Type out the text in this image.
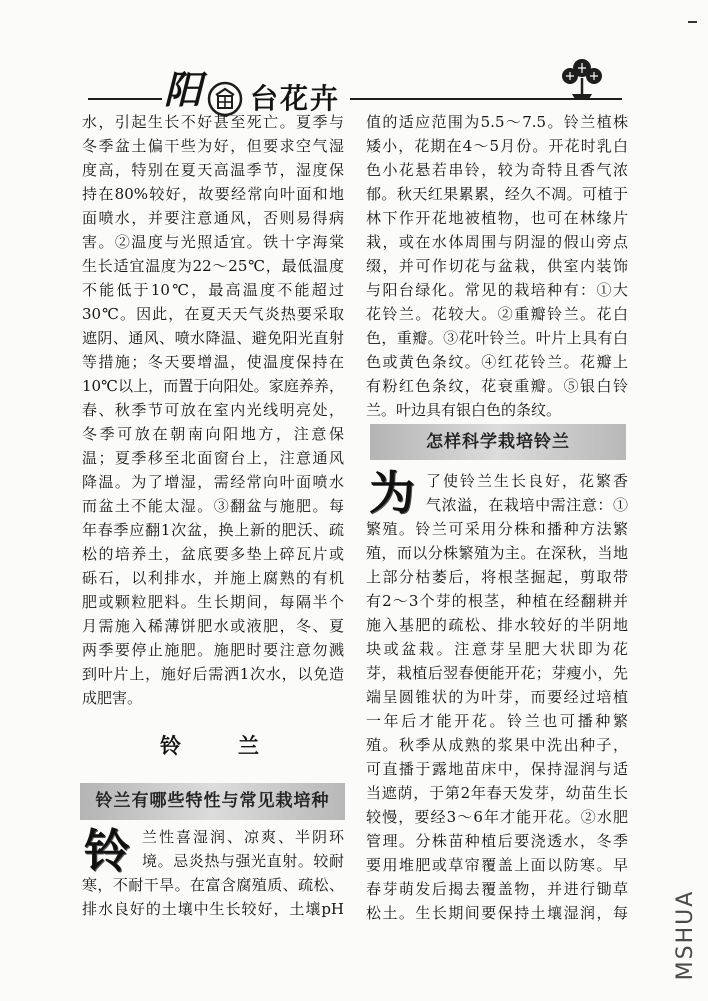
阳 台花卉
水，引起生长不好甚至死亡。夏季与
冬季盆土偏干些为好，但要求空气湿
度高，特别在夏天高温季节，湿度保
持在80%较好，故要经常向叶面和地
面喷水，并要注意通风，否则易得病
害。②温度与光照适宜。铁十字海棠
生长适宜温度为22～25℃，最低温度
不能低于10℃，最高温度不能超过
30℃。因此，在夏天天气炎热要采取
遮阴、通风、喷水降温、避免阳光直射
等措施；冬天要增温，使温度保持在
10℃以上，而置于向阳处。家庭养养，
春、秋季节可放在室内光线明亮处，
冬季可放在朝南向阳地方，注意保
温；夏季移至北面窗台上，注意通风
降温。为了增湿，需经常向叶面喷水
而盆土不能太湿。③翻盆与施肥。每
年春季应翻1次盆，换上新的肥沃、疏
松的培养土，盆底要多垫上碎瓦片或
砾石，以利排水，并施上腐熟的有机
肥或颗粒肥料。生长期间，每隔半个
月需施入稀薄饼肥水或液肥，冬、夏
两季要停止施肥。施肥时要注意勿溅
到叶片上，施好后需洒1次水，以免造
成肥害。
铃兰
铃兰有哪些特性与常见栽培种
铃 兰性喜湿润、凉爽、半阴环
境。忌炎热与强光直射。较耐
寒，不耐干旱。在富含腐殖质、疏松、
排水良好的土壤中生长较好，土壤pH
值的适应范围为5.5～7.5。铃兰植株
矮小，花期在4～5月份。开花时乳白
色小花悬若串铃，较为奇特且香气浓
郁。秋天红果累累，经久不凋。可植于
林下作开花地被植物，也可在林缘片
栽，或在水体周围与阴湿的假山旁点
缀，并可作切花与盆栽，供室内装饰
与阳台绿化。常见的栽培种有：①大
花铃兰。花较大。②重瓣铃兰。花白
色，重瓣。③花叶铃兰。叶片上具有白
色或黄色条纹。④红花铃兰。花瓣上
有粉红色条纹，花衰重瓣。⑤银白铃
兰。叶边具有银白色的条纹。
怎样科学栽培铃兰
为 了使铃兰生长良好，花繁香
气浓溢，在栽培中需注意：①
繁殖。铃兰可采用分株和播种方法繁
殖，而以分株繁殖为主。在深秋，当地
上部分枯萎后，将根茎掘起，剪取带
有2～3个芽的根茎，种植在经翻耕并
施入基肥的疏松、排水较好的半阴地
块或盆栽。注意芽呈肥大状即为花
芽，栽植后翌春便能开花；芽瘦小，先
端呈圆锥状的为叶芽，而要经过培植
一年后才能开花。铃兰也可播种繁
殖。秋季从成熟的浆果中洗出种子，
可直播于露地苗床中，保持湿润与适
当遮荫，于第2年春天发芽，幼苗生长
较慢，要经3～6年才能开花。②水肥
管理。分株苗种植后要浇透水，冬季
要用堆肥或草帘覆盖上面以防寒。早
春芽萌发后揭去覆盖物，并进行锄草
松土。生长期间要保持土壤湿润，每 MSHUA
